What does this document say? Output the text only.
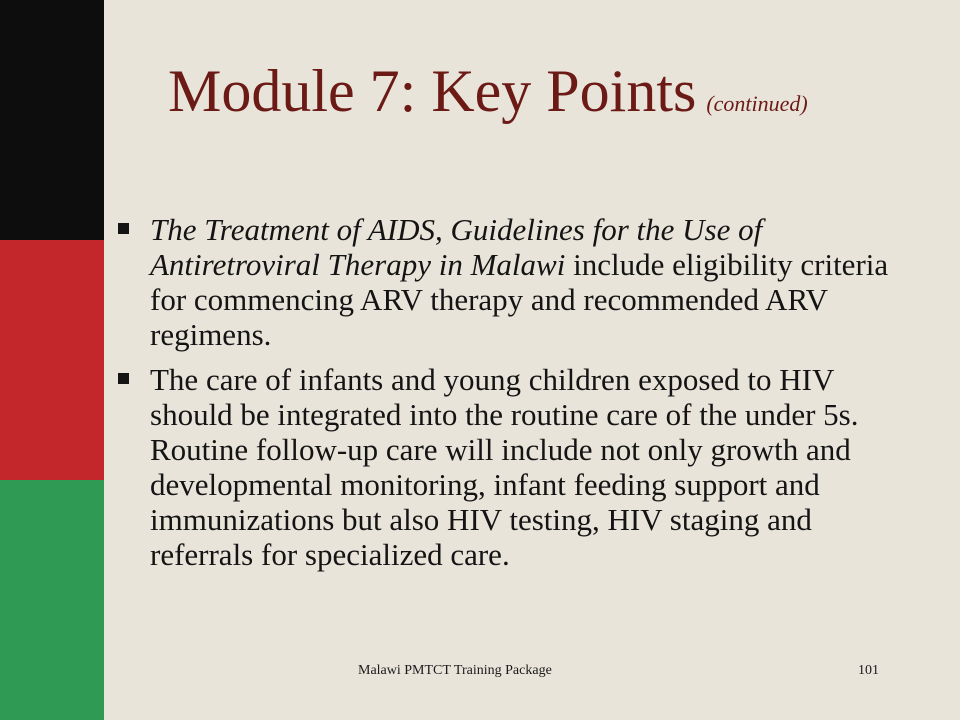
Module 7: Key Points (continued)
The Treatment of AIDS, Guidelines for the Use of Antiretroviral Therapy in Malawi include eligibility criteria for commencing ARV therapy and recommended ARV regimens.
The care of infants and young children exposed to HIV should be integrated into the routine care of the under 5s. Routine follow-up care will include not only growth and developmental monitoring, infant feeding support and immunizations but also HIV testing, HIV staging and referrals for specialized care.
Malawi PMTCT Training Package	101
